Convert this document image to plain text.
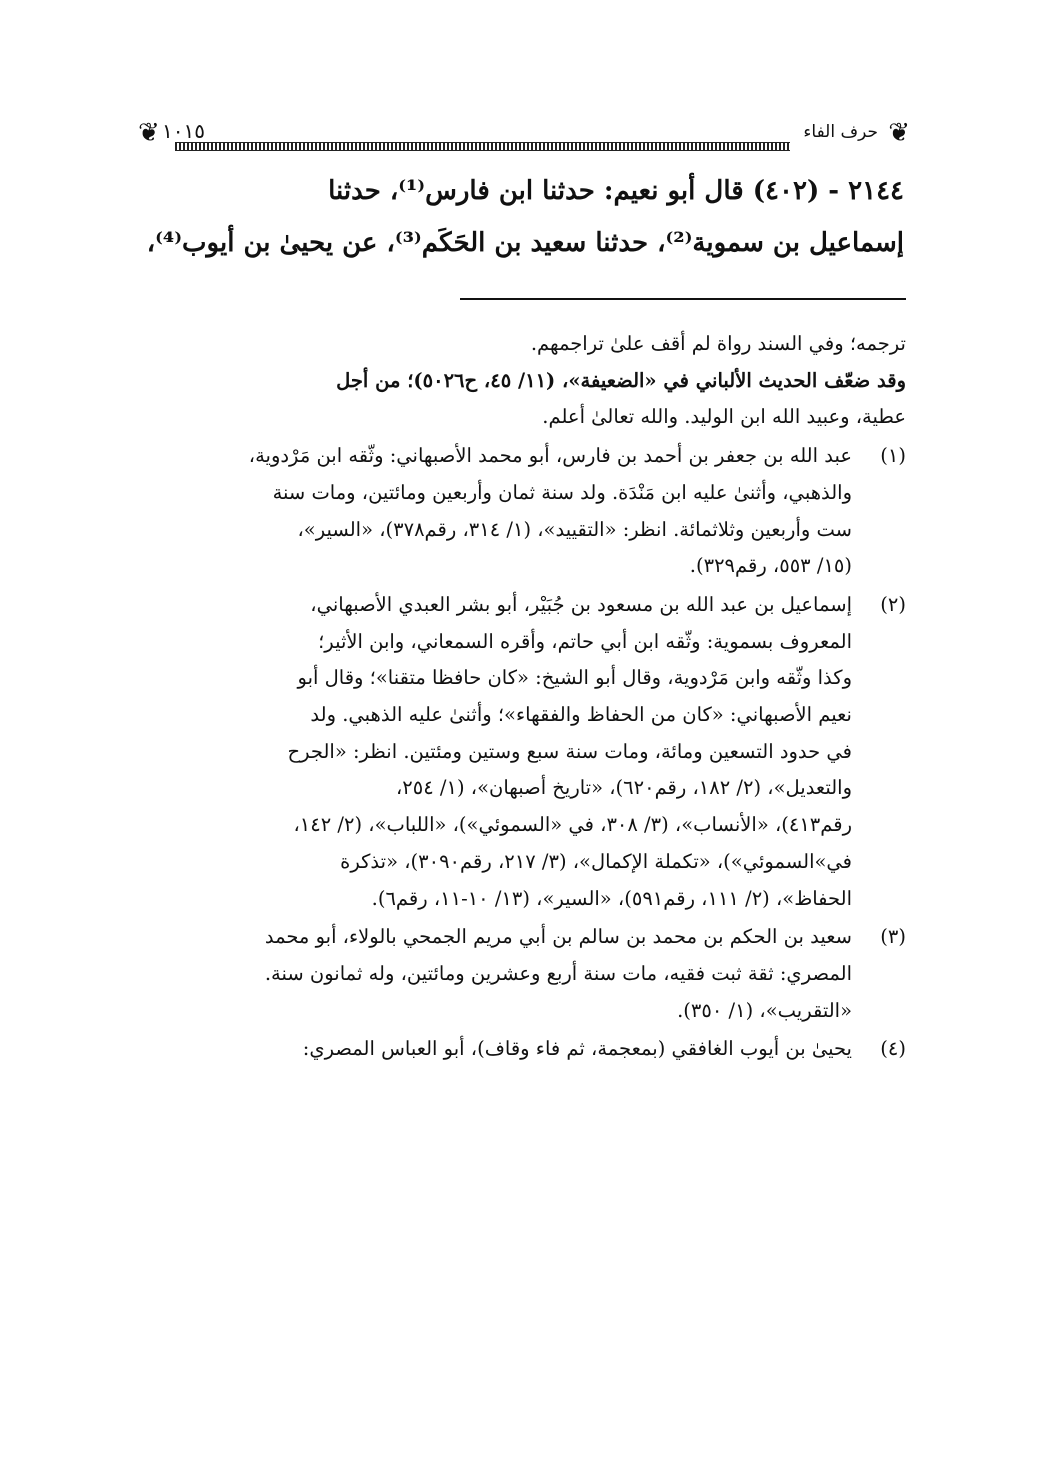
❦ ١٠١٥	❦
حرف الفاء

٢١٤٤ - (٤٠٢) قال أبو نعيم: حدثنا ابن فارس⁽¹⁾، حدثنا

إسماعيل بن سموية⁽²⁾، حدثنا سعيد بن الحَكَم⁽³⁾، عن يحيىٰ بن أيوب⁽⁴⁾،

ترجمه؛ وفي السند رواة لم أقف علىٰ تراجمهم.

وقد ضعّف الحديث الألباني في «الضعيفة»، (١١/ ٤٥، ح٥٠٢٦)؛ من أجل

عطية، وعبيد الله ابن الوليد. والله تعالىٰ أعلم.

(١)

عبد الله بن جعفر بن أحمد بن فارس، أبو محمد الأصبهاني: وثّقه ابن مَرْدوية،

والذهبي، وأثنىٰ عليه ابن مَنْدَة. ولد سنة ثمان وأربعين ومائتين، ومات سنة

ست وأربعين وثلاثمائة. انظر: «التقييد»، (١/ ٣١٤، رقم٣٧٨)، «السير»،

(١٥/ ٥٥٣، رقم٣٢٩).

(٢)

إسماعيل بن عبد الله بن مسعود بن جُبَيْر، أبو بشر العبدي الأصبهاني،

المعروف بسموية: وثّقه ابن أبي حاتم، وأقره السمعاني، وابن الأثير؛

وكذا وثّقه وابن مَرْدوية، وقال أبو الشيخ: «كان حافظا متقنا»؛ وقال أبو

نعيم الأصبهاني: «كان من الحفاظ والفقهاء»؛ وأثنىٰ عليه الذهبي. ولد

في حدود التسعين ومائة، ومات سنة سبع وستين ومئتين. انظر: «الجرح

والتعديل»، (٢/ ١٨٢، رقم٦٢٠)، «تاريخ أصبهان»، (١/ ٢٥٤،

رقم٤١٣)، «الأنساب»، (٣/ ٣٠٨، في «السموئي»)، «اللباب»، (٢/ ١٤٢،

في»السموئي»)، «تكملة الإكمال»، (٣/ ٢١٧، رقم٣٠٩٠)، «تذكرة

الحفاظ»، (٢/ ١١١، رقم٥٩١)، «السير»، (١٣/ ١٠-١١، رقم٦).

(٣)

سعيد بن الحكم بن محمد بن سالم بن أبي مريم الجمحي بالولاء، أبو محمد

المصري: ثقة ثبت فقيه، مات سنة أربع وعشرين ومائتين، وله ثمانون سنة.

«التقريب»، (١/ ٣٥٠).

(٤)

يحيىٰ بن أيوب الغافقي (بمعجمة، ثم فاء وقاف)، أبو العباس المصري:
